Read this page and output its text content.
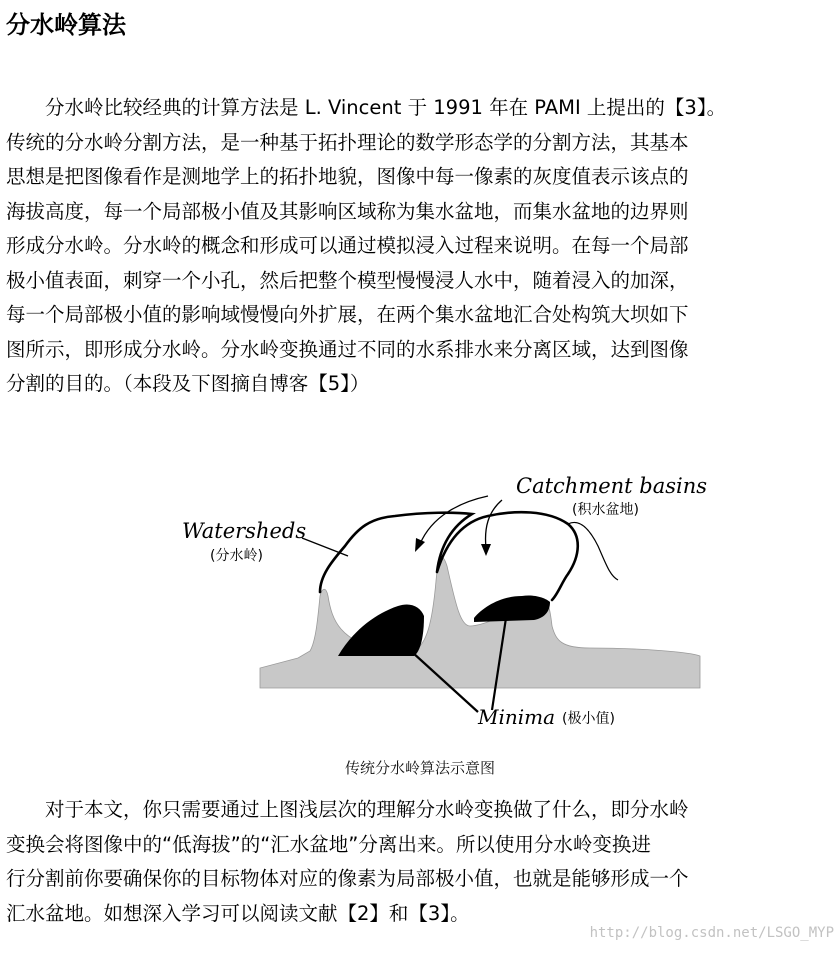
分水岭算法
　　分水岭比较经典的计算方法是 L. Vincent 于 1991 年在 PAMI 上提出的【3】。
传统的分水岭分割方法，是一种基于拓扑理论的数学形态学的分割方法，其基本
思想是把图像看作是测地学上的拓扑地貌，图像中每一像素的灰度值表示该点的
海拔高度，每一个局部极小值及其影响区域称为集水盆地，而集水盆地的边界则
形成分水岭。分水岭的概念和形成可以通过模拟浸入过程来说明。在每一个局部
极小值表面，刺穿一个小孔，然后把整个模型慢慢浸人水中，随着浸入的加深，
每一个局部极小值的影响域慢慢向外扩展，在两个集水盆地汇合处构筑大坝如下
图所示，即形成分水岭。分水岭变换通过不同的水系排水来分离区域，达到图像
分割的目的。（本段及下图摘自博客【5】）
Catchment basins
(积水盆地)
Watersheds
(分水岭)
Minima (极小值)
传统分水岭算法示意图
　　对于本文，你只需要通过上图浅层次的理解分水岭变换做了什么，即分水岭
变换会将图像中的“低海拔”的“汇水盆地”分离出来。所以使用分水岭变换进
行分割前你要确保你的目标物体对应的像素为局部极小值，也就是能够形成一个
汇水盆地。如想深入学习可以阅读文献【2】和【3】。
http://blog.csdn.net/LSGO_MYP
